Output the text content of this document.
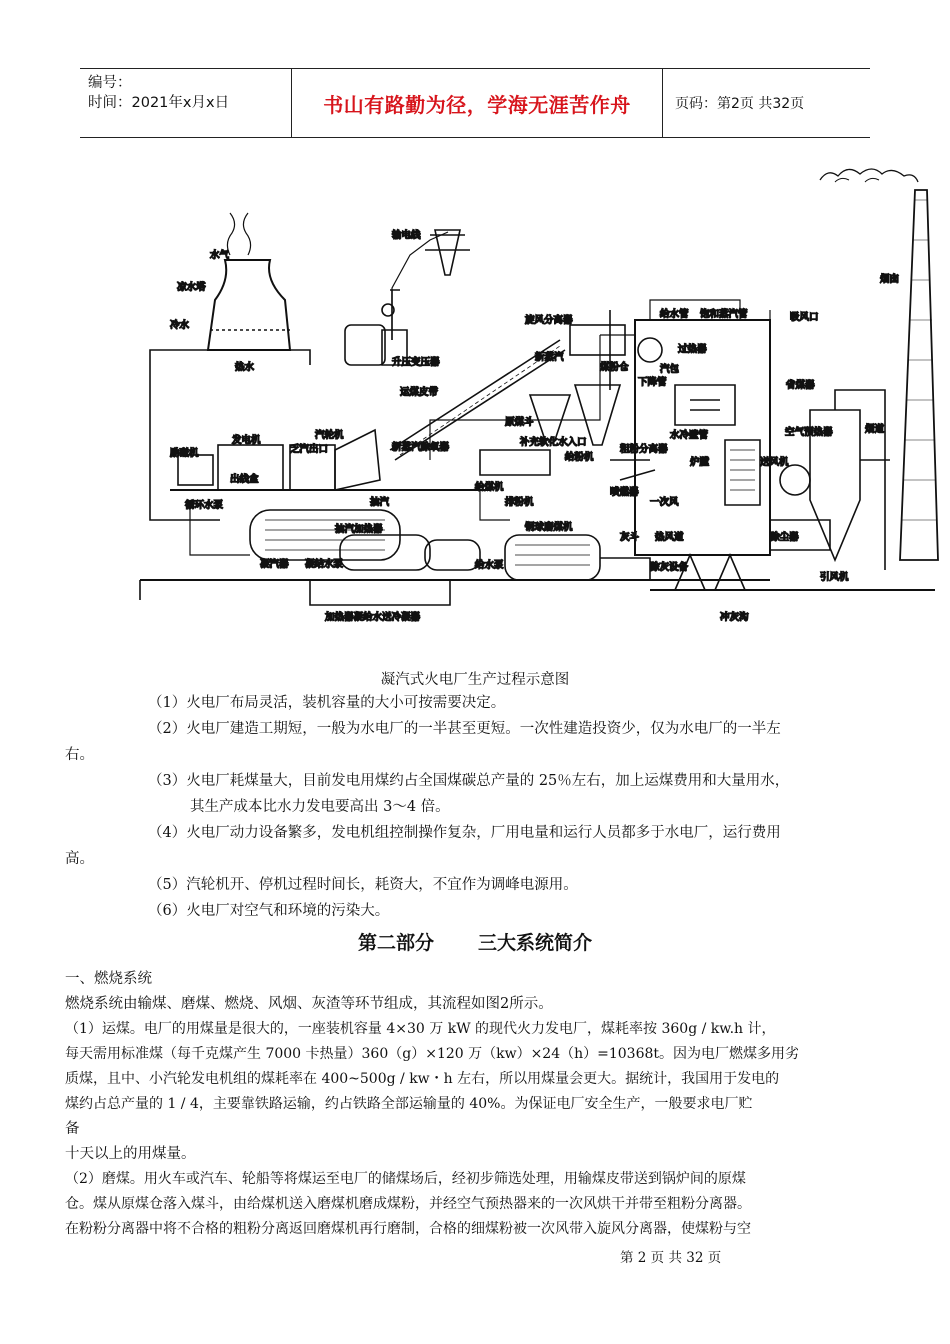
编号：
时间：2021年x月x日	书山有路勤为径，学海无涯苦作舟	页码：第2页 共32页
输电线
水气
凉水塔
冷水
热水	升压变压器
运煤皮带
旋风分离器
新蒸汽
煤粉仓
给水管 饱和蒸汽管	吸风口
烟囱
过热器
汽包
下降管	省煤器
水冷壁管	空气预热器	烟道
励磁机
发电机
出线盒
汽轮机
乏汽出口	新蒸汽除氧器
原煤斗
补充软化水入口
给粉机
粗粉分离器
炉膛	送风机
循环水泵
凝汽器 凝结水泵
抽汽
抽汽加热器
给煤机
排粉机
钢球磨煤机
喷燃器
一次风
热风道
灰斗
除灰设备
除尘器
引风机
给水泵
冲灰沟
加热器凝给水送冷凝器
凝汽式火电厂生产过程示意图
（1）火电厂布局灵活，装机容量的大小可按需要决定。
（2）火电厂建造工期短，一般为水电厂的一半甚至更短。一次性建造投资少，仅为水电厂的一半左
右。
（3）火电厂耗煤量大，目前发电用煤约占全国煤碳总产量的 25％左右，加上运煤费用和大量用水，
其生产成本比水力发电要高出 3～4 倍。
（4）火电厂动力设备繁多，发电机组控制操作复杂，厂用电量和运行人员都多于水电厂，运行费用
高。
（5）汽轮机开、停机过程时间长，耗资大，不宜作为调峰电源用。
（6）火电厂对空气和环境的污染大。
第二部分 三大系统简介
一、燃烧系统
燃烧系统由输煤、磨煤、燃烧、风烟、灰渣等环节组成，其流程如图2所示。
（1）运煤。电厂的用煤量是很大的，一座装机容量 4×30 万 kW 的现代火力发电厂，煤耗率按 360g / kw.h 计，
每天需用标准煤（每千克煤产生 7000 卡热量）360（g）×120 万（kw）×24（h）=10368t。因为电厂燃煤多用劣
质煤，且中、小汽轮发电机组的煤耗率在 400~500g / kw・h 左右，所以用煤量会更大。据统计，我国用于发电的
煤约占总产量的 1 / 4，主要靠铁路运输，约占铁路全部运输量的 40%。为保证电厂安全生产，一般要求电厂贮
备
十天以上的用煤量。
（2）磨煤。用火车或汽车、轮船等将煤运至电厂的储煤场后，经初步筛选处理，用输煤皮带送到锅炉间的原煤
仓。煤从原煤仓落入煤斗，由给煤机送入磨煤机磨成煤粉，并经空气预热器来的一次风烘干并带至粗粉分离器。
在粉粉分离器中将不合格的粗粉分离返回磨煤机再行磨制，合格的细煤粉被一次风带入旋风分离器，使煤粉与空
第 2 页 共 32 页
